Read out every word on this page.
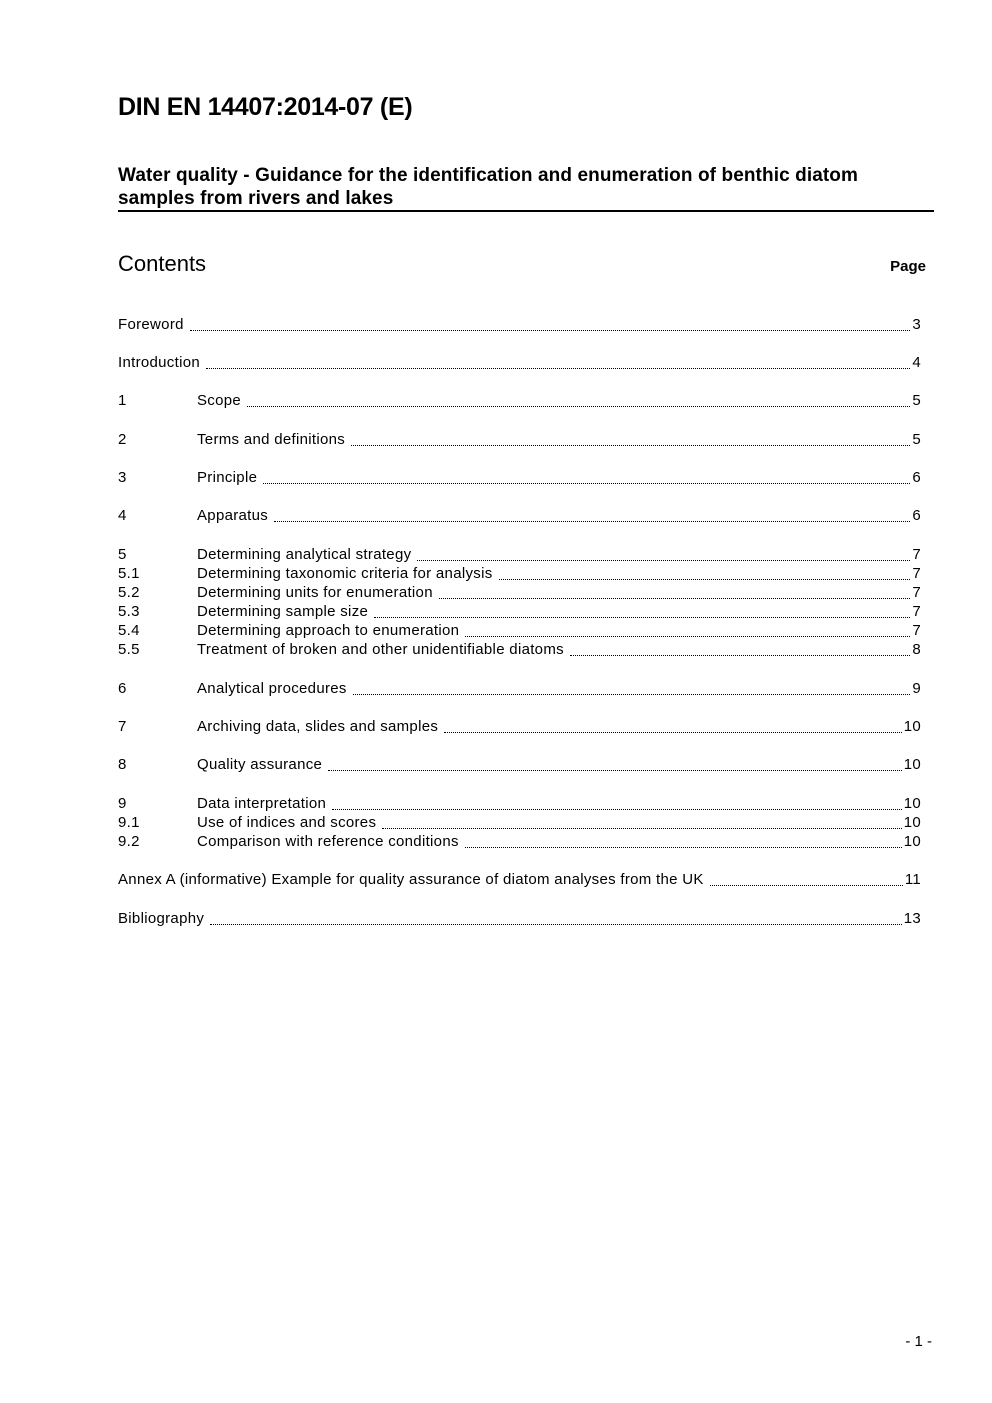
DIN EN 14407:2014-07 (E)
Water quality - Guidance for the identification and enumeration of benthic diatom samples from rivers and lakes
Contents	Page
Foreword	3
Introduction	4
1	Scope	5
2	Terms and definitions	5
3	Principle	6
4	Apparatus	6
5	Determining analytical strategy	7
5.1	Determining taxonomic criteria for analysis	7
5.2	Determining units for enumeration	7
5.3	Determining sample size	7
5.4	Determining approach to enumeration	7
5.5	Treatment of broken and other unidentifiable diatoms	8
6	Analytical procedures	9
7	Archiving data, slides and samples	10
8	Quality assurance	10
9	Data interpretation	10
9.1	Use of indices and scores	10
9.2	Comparison with reference conditions	10
Annex A (informative) Example for quality assurance of diatom analyses from the UK	11
Bibliography	13
- 1 -
